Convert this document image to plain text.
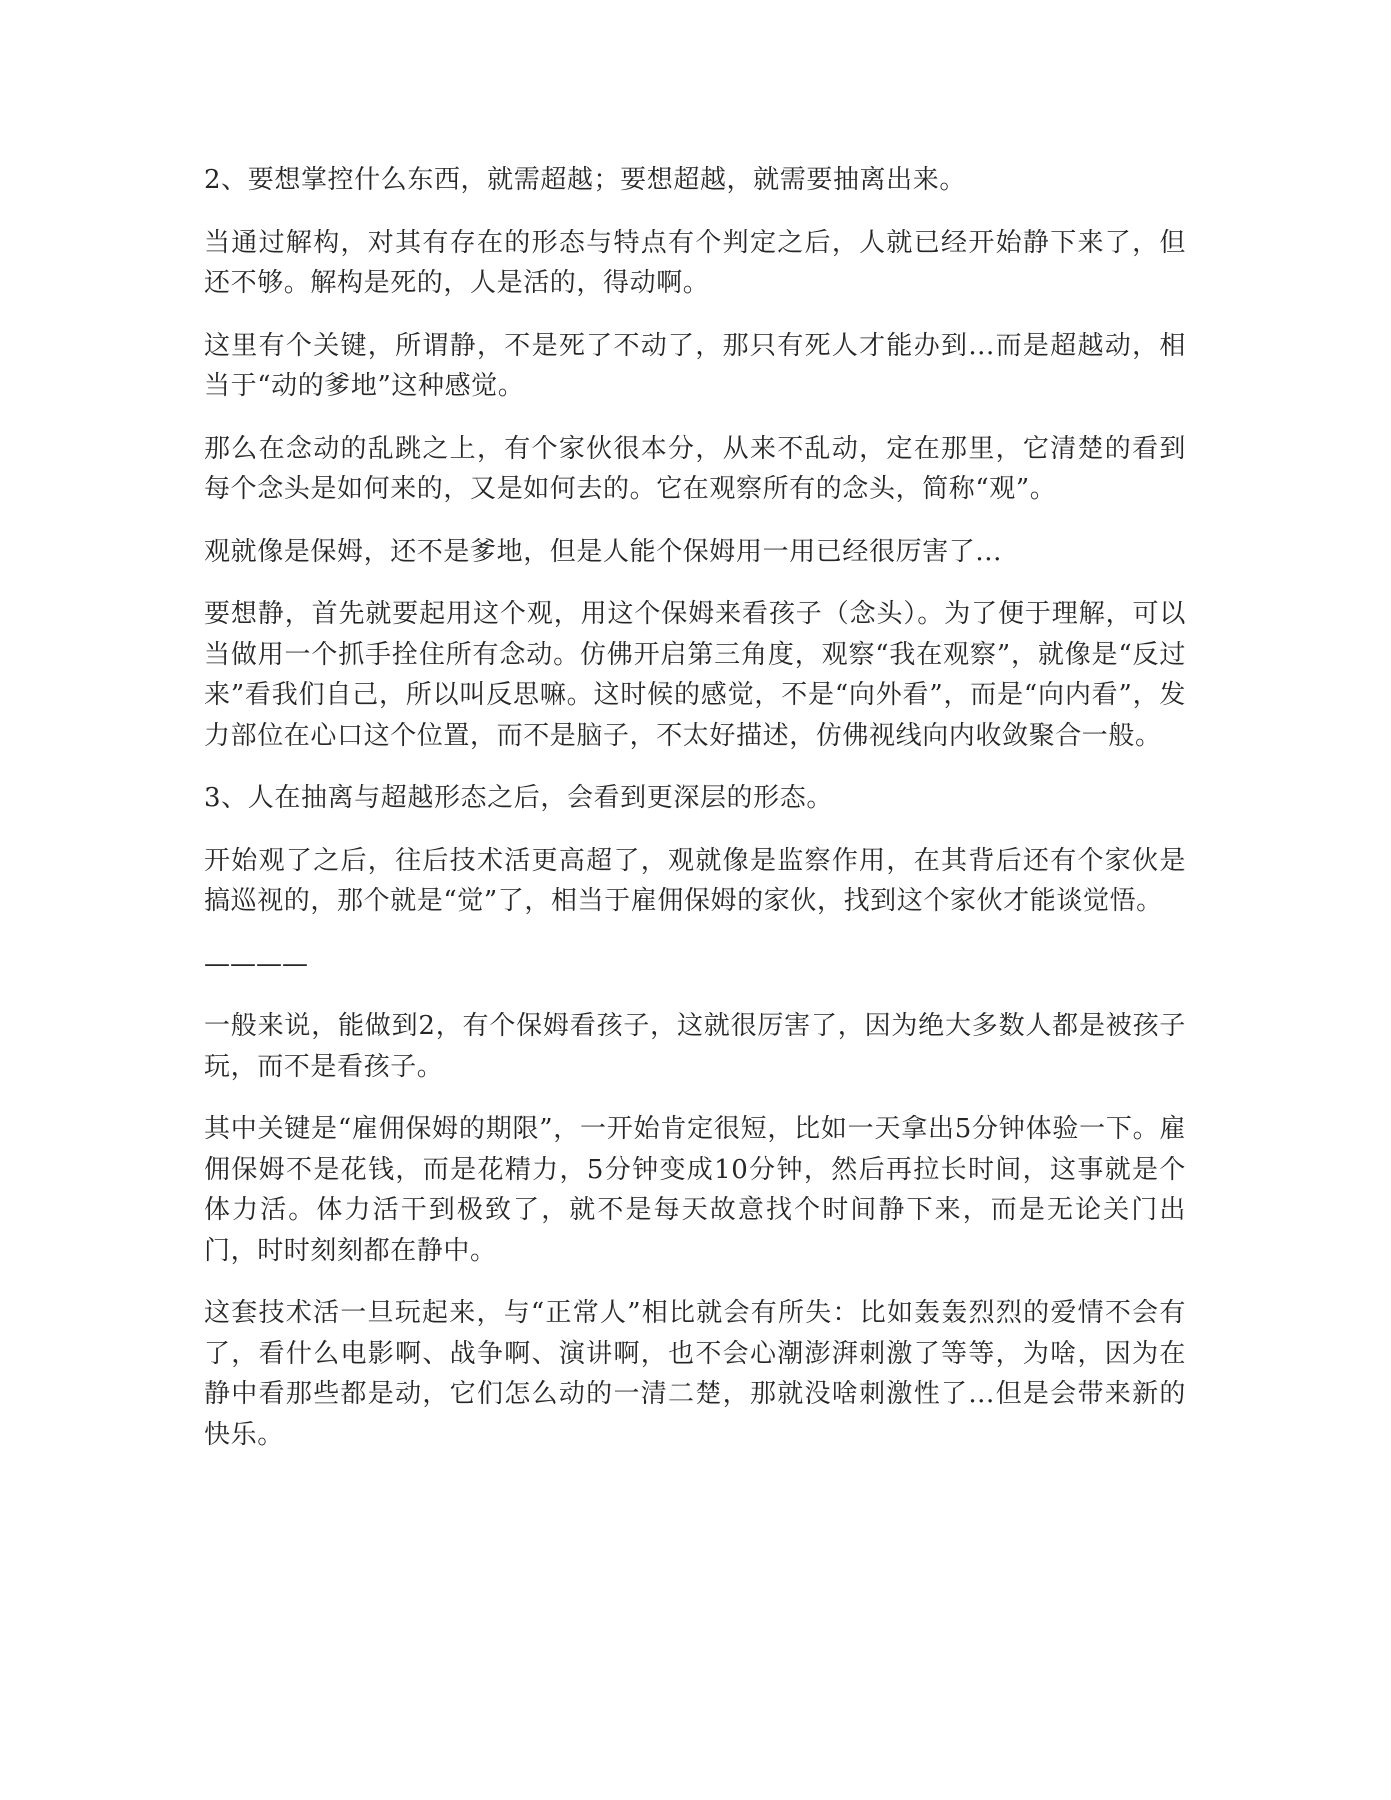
2、要想掌控什么东西，就需超越；要想超越，就需要抽离出来。

当通过解构，对其有存在的形态与特点有个判定之后，人就已经开始静下来了，但还不够。解构是死的，人是活的，得动啊。

这里有个关键，所谓静，不是死了不动了，那只有死人才能办到...而是超越动，相当于“动的爹地”这种感觉。

那么在念动的乱跳之上，有个家伙很本分，从来不乱动，定在那里，它清楚的看到每个念头是如何来的，又是如何去的。它在观察所有的念头，简称“观”。

观就像是保姆，还不是爹地，但是人能个保姆用一用已经很厉害了...

要想静，首先就要起用这个观，用这个保姆来看孩子（念头）。为了便于理解，可以当做用一个抓手拴住所有念动。仿佛开启第三角度，观察“我在观察”，就像是“反过来”看我们自己，所以叫反思嘛。这时候的感觉，不是“向外看”，而是“向内看”，发力部位在心口这个位置，而不是脑子，不太好描述，仿佛视线向内收敛聚合一般。

3、人在抽离与超越形态之后，会看到更深层的形态。

开始观了之后，往后技术活更高超了，观就像是监察作用，在其背后还有个家伙是搞巡视的，那个就是“觉”了，相当于雇佣保姆的家伙，找到这个家伙才能谈觉悟。

————

一般来说，能做到2，有个保姆看孩子，这就很厉害了，因为绝大多数人都是被孩子玩，而不是看孩子。

其中关键是“雇佣保姆的期限”，一开始肯定很短，比如一天拿出5分钟体验一下。雇佣保姆不是花钱，而是花精力，5分钟变成10分钟，然后再拉长时间，这事就是个体力活。体力活干到极致了，就不是每天故意找个时间静下来，而是无论关门出门，时时刻刻都在静中。

这套技术活一旦玩起来，与“正常人”相比就会有所失：比如轰轰烈烈的爱情不会有了，看什么电影啊、战争啊、演讲啊，也不会心潮澎湃刺激了等等，为啥，因为在静中看那些都是动，它们怎么动的一清二楚，那就没啥刺激性了...但是会带来新的快乐。
